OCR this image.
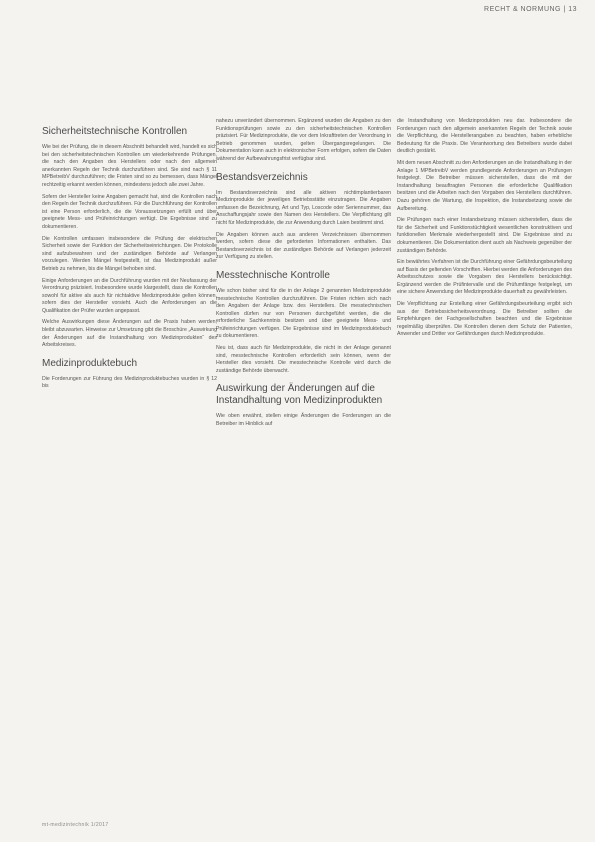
RECHT & NORMUNG | 13
Sicherheitstechnische Kontrollen

Wie bei der Prüfung, die in diesem Abschnitt behandelt wird, handelt es sich bei den sicherheitstechnischen Kontrollen um wiederkehrende Prüfungen, die nach den Angaben des Herstellers oder nach den allgemein anerkannten Regeln der Technik durchzuführen sind. Sie sind nach § 11 MPBetreibV durchzuführen; die Fristen sind so zu bemessen, dass Mängel rechtzeitig erkannt werden können, mindestens jedoch alle zwei Jahre.

Sofern der Hersteller keine Angaben gemacht hat, sind die Kontrollen nach den Regeln der Technik durchzuführen. Für die Durchführung der Kontrollen ist eine Person erforderlich, die die Voraussetzungen erfüllt und über geeignete Mess- und Prüfeinrichtungen verfügt. Die Ergebnisse sind zu dokumentieren.

Die Kontrollen umfassen insbesondere die Prüfung der elektrischen Sicherheit sowie der Funktion der Sicherheitseinrichtungen. Die Protokolle sind aufzubewahren und der zuständigen Behörde auf Verlangen vorzulegen. Werden Mängel festgestellt, ist das Medizinprodukt außer Betrieb zu nehmen, bis die Mängel behoben sind.

Einige Anforderungen an die Durchführung wurden mit der Neufassung der Verordnung präzisiert. Insbesondere wurde klargestellt, dass die Kontrollen sowohl für aktive als auch für nichtaktive Medizinprodukte gelten können, sofern dies der Hersteller vorsieht. Auch die Anforderungen an die Qualifikation der Prüfer wurden angepasst.

Welche Auswirkungen diese Änderungen auf die Praxis haben werden, bleibt abzuwarten. Hinweise zur Umsetzung gibt die Broschüre „Auswirkung der Änderungen auf die Instandhaltung von Medizinprodukten“ des Arbeitskreises.

Medizinproduktebuch

Die Forderungen zur Führung des Medizinproduktebuches wurden in § 12 bis

nahezu unverändert übernommen. Ergänzend wurden die Angaben zu den Funktionsprüfungen sowie zu den sicherheitstechnischen Kontrollen präzisiert. Für Medizinprodukte, die vor dem Inkrafttreten der Verordnung in Betrieb genommen wurden, gelten Übergangsregelungen. Die Dokumentation kann auch in elektronischer Form erfolgen, sofern die Daten während der Aufbewahrungsfrist verfügbar sind.

Bestandsverzeichnis

Im Bestandsverzeichnis sind alle aktiven nichtimplantierbaren Medizinprodukte der jeweiligen Betriebsstätte einzutragen. Die Angaben umfassen die Bezeichnung, Art und Typ, Loscode oder Seriennummer, das Anschaffungsjahr sowie den Namen des Herstellers. Die Verpflichtung gilt nicht für Medizinprodukte, die zur Anwendung durch Laien bestimmt sind.

Die Angaben können auch aus anderen Verzeichnissen übernommen werden, sofern diese die geforderten Informationen enthalten. Das Bestandsverzeichnis ist der zuständigen Behörde auf Verlangen jederzeit zur Verfügung zu stellen.

Messtechnische Kontrolle

Wie schon bisher sind für die in der Anlage 2 genannten Medizinprodukte messtechnische Kontrollen durchzuführen. Die Fristen richten sich nach den Angaben der Anlage bzw. des Herstellers. Die messtechnischen Kontrollen dürfen nur von Personen durchgeführt werden, die die erforderliche Sachkenntnis besitzen und über geeignete Mess- und Prüfeinrichtungen verfügen. Die Ergebnisse sind im Medizinproduktebuch zu dokumentieren.

Neu ist, dass auch für Medizinprodukte, die nicht in der Anlage genannt sind, messtechnische Kontrollen erforderlich sein können, wenn der Hersteller dies vorsieht. Die messtechnische Kontrolle wird durch die zuständige Behörde überwacht.

Auswirkung der Änderungen auf die Instandhaltung von Medizinprodukten

Wie oben erwähnt, stellen einige Änderungen die Forderungen an die Betreiber im Hinblick auf

die Instandhaltung von Medizinprodukten neu dar. Insbesondere die Forderungen nach den allgemein anerkannten Regeln der Technik sowie die Verpflichtung, die Herstellerangaben zu beachten, haben erhebliche Bedeutung für die Praxis. Die Verantwortung des Betreibers wurde dabei deutlich gestärkt.

Mit dem neuen Abschnitt zu den Anforderungen an die Instandhaltung in der Anlage 1 MPBetreibV werden grundlegende Anforderungen an Prüfungen festgelegt. Die Betreiber müssen sicherstellen, dass die mit der Instandhaltung beauftragten Personen die erforderliche Qualifikation besitzen und die Arbeiten nach den Vorgaben des Herstellers durchführen. Dazu gehören die Wartung, die Inspektion, die Instandsetzung sowie die Aufbereitung.

Die Prüfungen nach einer Instandsetzung müssen sicherstellen, dass die für die Sicherheit und Funktionstüchtigkeit wesentlichen konstruktiven und funktionellen Merkmale wiederhergestellt sind. Die Ergebnisse sind zu dokumentieren. Die Dokumentation dient auch als Nachweis gegenüber der zuständigen Behörde.

Ein bewährtes Verfahren ist die Durchführung einer Gefährdungsbeurteilung auf Basis der geltenden Vorschriften. Hierbei werden die Anforderungen des Arbeitsschutzes sowie die Vorgaben des Herstellers berücksichtigt. Ergänzend werden die Prüfintervalle und die Prüfumfänge festgelegt, um eine sichere Anwendung der Medizinprodukte dauerhaft zu gewährleisten.

Die Verpflichtung zur Erstellung einer Gefährdungsbeurteilung ergibt sich aus der Betriebssicherheitsverordnung. Die Betreiber sollten die Empfehlungen der Fachgesellschaften beachten und die Ergebnisse regelmäßig überprüfen. Die Kontrollen dienen dem Schutz der Patienten, Anwender und Dritter vor Gefährdungen durch Medizinprodukte.

mt-medizintechnik 1/2017
